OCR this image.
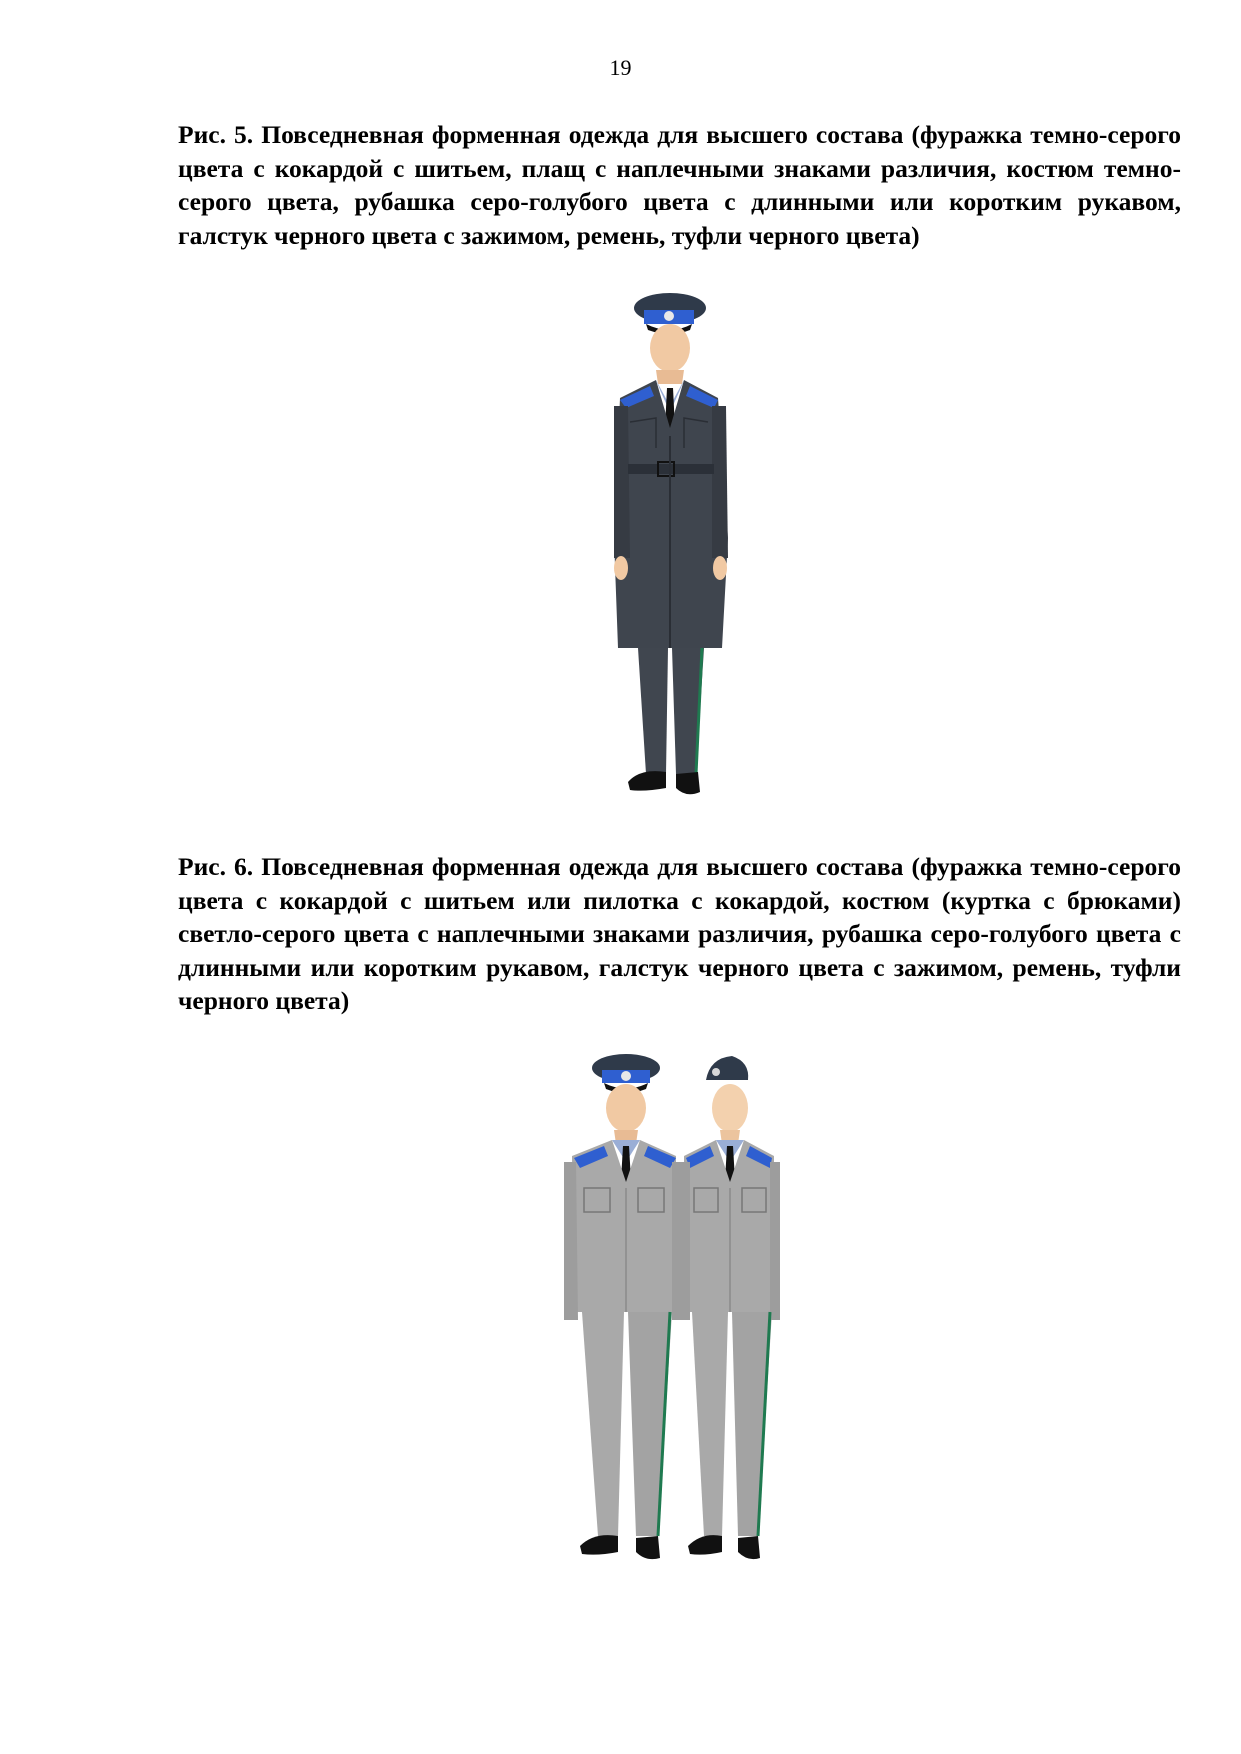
19
Рис. 5. Повседневная форменная одежда для высшего состава (фуражка темно-серого цвета с кокардой с шитьем, плащ с наплечными знаками различия, костюм темно-серого цвета, рубашка серо-голубого цвета с длинными или коротким рукавом, галстук черного цвета с зажимом, ремень, туфли черного цвета)
Рис. 6. Повседневная форменная одежда для высшего состава (фуражка темно-серого цвета с кокардой с шитьем или пилотка с кокардой, костюм (куртка с брюками) светло-серого цвета с наплечными знаками различия, рубашка серо-голубого цвета с длинными или коротким рукавом, галстук черного цвета с зажимом, ремень, туфли черного цвета)
